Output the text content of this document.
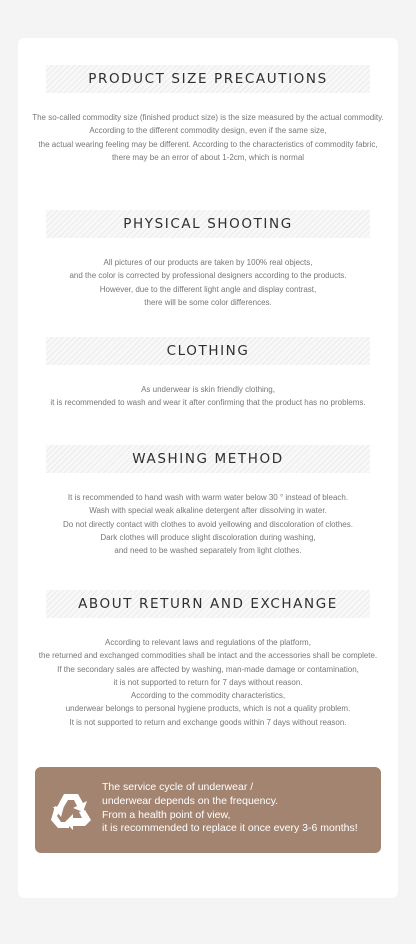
PRODUCT SIZE PRECAUTIONS
The so-called commodity size (finished product size) is the size measured by the actual commodity.
According to the different commodity design, even if the same size,
the actual wearing feeling may be different. According to the characteristics of commodity fabric,
there may be an error of about 1-2cm, which is normal
PHYSICAL SHOOTING
All pictures of our products are taken by 100% real objects,
and the color is corrected by professional designers according to the products.
However, due to the different light angle and display contrast,
there will be some color differences.
CLOTHING
As underwear is skin friendly clothing,
it is recommended to wash and wear it after confirming that the product has no problems.
WASHING METHOD
It is recommended to hand wash with warm water below 30 ° instead of bleach.
Wash with special weak alkaline detergent after dissolving in water.
Do not directly contact with clothes to avoid yellowing and discoloration of clothes.
Dark clothes will produce slight discoloration during washing,
and need to be washed separately from light clothes.
ABOUT RETURN AND EXCHANGE
According to relevant laws and regulations of the platform,
the returned and exchanged commodities shall be intact and the accessories shall be complete.
If the secondary sales are affected by washing, man-made damage or contamination,
it is not supported to return for 7 days without reason.
According to the commodity characteristics,
underwear belongs to personal hygiene products, which is not a quality problem.
It is not supported to return and exchange goods within 7 days without reason.
The service cycle of underwear /
underwear depends on the frequency.
From a health point of view,
it is recommended to replace it once every 3-6 months!
